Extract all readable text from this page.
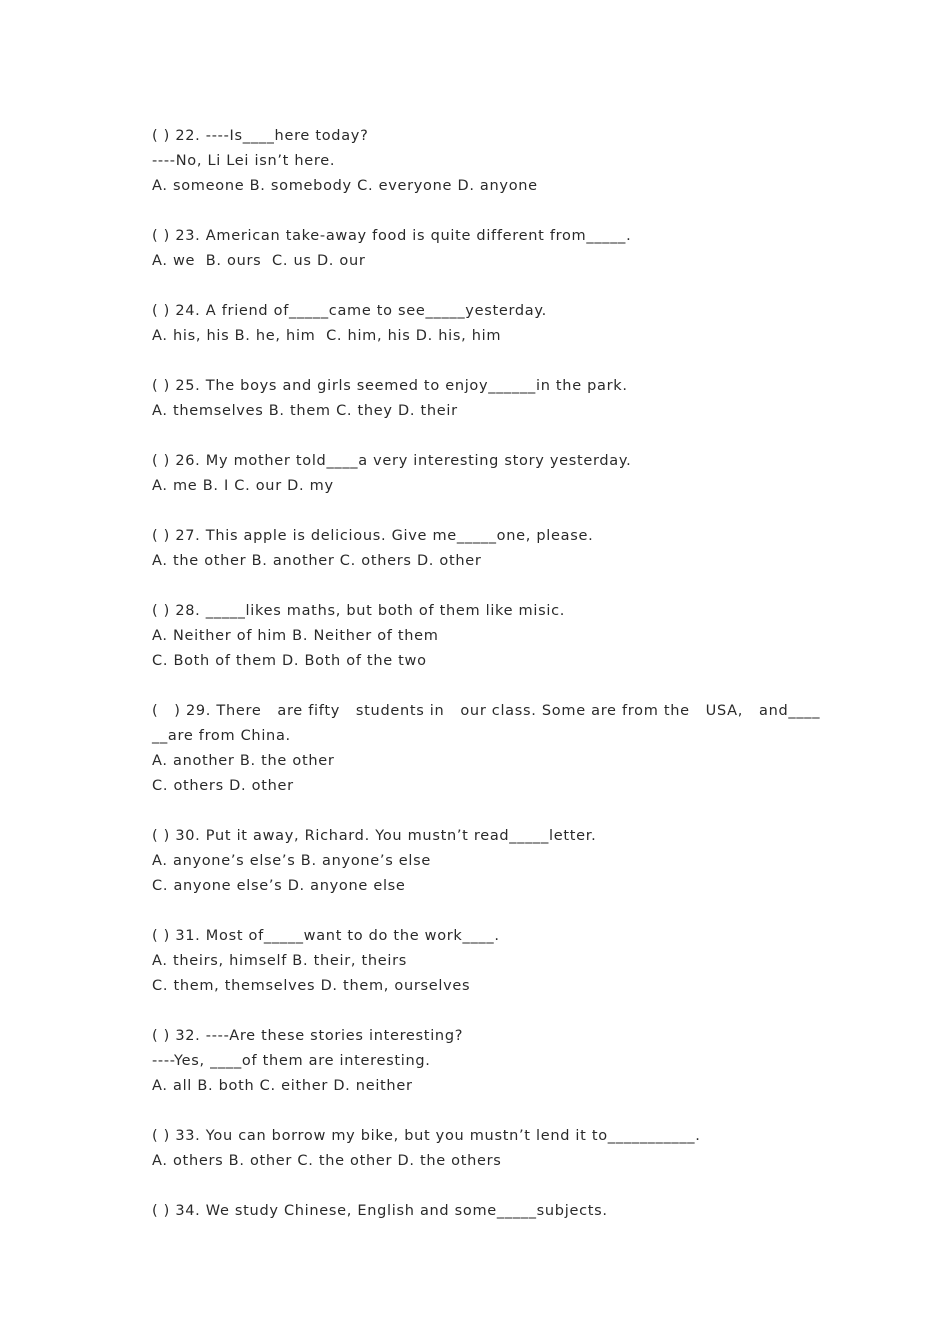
( ) 22. ----Is____here today?
----No, Li Lei isn’t here.
A. someone B. somebody C. everyone D. anyone
( ) 23. American take-away food is quite different from_____.
A. we  B. ours  C. us D. our
( ) 24. A friend of_____came to see_____yesterday.
A. his, his B. he, him  C. him, his D. his, him
( ) 25. The boys and girls seemed to enjoy______in the park.
A. themselves B. them C. they D. their
( ) 26. My mother told____a very interesting story yesterday.
A. me B. I C. our D. my
( ) 27. This apple is delicious. Give me_____one, please.
A. the other B. another C. others D. other
( ) 28. _____likes maths, but both of them like misic.
A. Neither of him B. Neither of them
C. Both of them D. Both of the two
(   ) 29. There   are fifty   students in   our class. Some are from the   USA,   and____
__are from China.
A. another B. the other
C. others D. other
( ) 30. Put it away, Richard. You mustn’t read_____letter.
A. anyone’s else’s B. anyone’s else
C. anyone else’s D. anyone else
( ) 31. Most of_____want to do the work____.
A. theirs, himself B. their, theirs
C. them, themselves D. them, ourselves
( ) 32. ----Are these stories interesting?
----Yes, ____of them are interesting.
A. all B. both C. either D. neither
( ) 33. You can borrow my bike, but you mustn’t lend it to___________.
A. others B. other C. the other D. the others
( ) 34. We study Chinese, English and some_____subjects.
